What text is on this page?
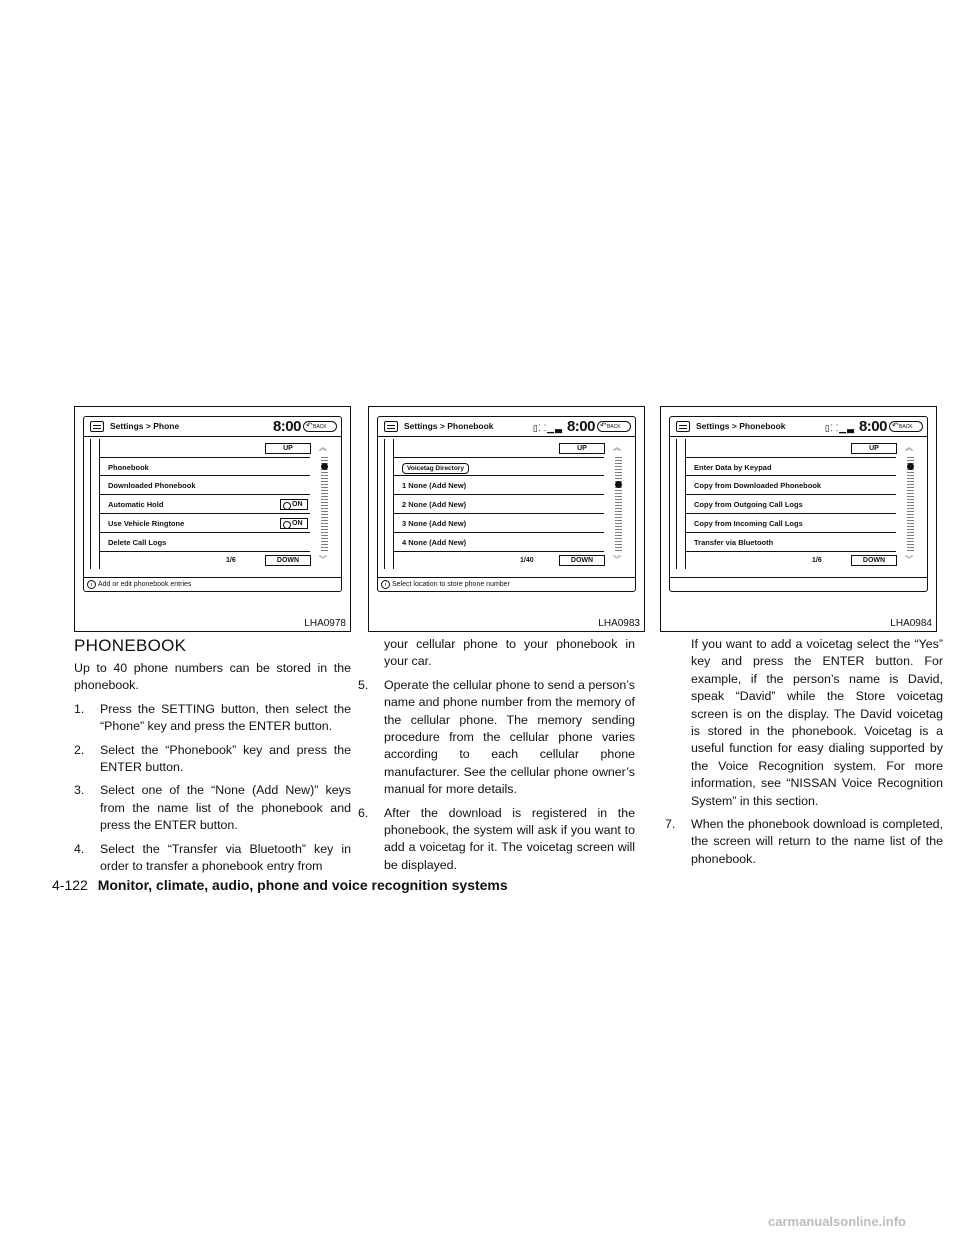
Settings > Phone	8:00	↶ BACK
UP	︽
Phonebook
Downloaded Phonebook
Automatic Hold	ON
Use Vehicle Ringtone	ON
Delete Call Logs
1/6	DOWN	︾
i Add or edit phonebook entries
LHA0978
Settings > Phonebook	▯⸬▁▃ 8:00	↶ BACK
UP	︽
Voicetag Directory
1 None (Add New)
2 None (Add New)
3 None (Add New)
4 None (Add New)
1/40	DOWN	︾
i Select location to store phone number
LHA0983
Settings > Phonebook	▯⸬▁▃ 8:00	↶ BACK
UP	︽
Enter Data by Keypad
Copy from Downloaded Phonebook
Copy from Outgoing Call Logs
Copy from Incoming Call Logs
Transfer via Bluetooth
1/6	DOWN	︾
LHA0984
PHONEBOOK

Up to 40 phone numbers can be stored in the phonebook.

1. Press the SETTING button, then select the “Phone” key and press the ENTER button.
2. Select the “Phonebook” key and press the ENTER button.
3. Select one of the “None (Add New)” keys from the name list of the phonebook and press the ENTER button.
4. Select the “Transfer via Bluetooth” key in order to transfer a phonebook entry from

your cellular phone to your phonebook in your car.

5. Operate the cellular phone to send a person’s name and phone number from the memory of the cellular phone. The memory sending procedure from the cellular phone varies according to each cellular phone manufacturer. See the cellular phone owner’s manual for more details.
6. After the download is registered in the phonebook, the system will ask if you want to add a voicetag for it. The voicetag screen will be displayed.

If you want to add a voicetag select the “Yes” key and press the ENTER button. For example, if the person’s name is David, speak “David” while the Store voicetag screen is on the display. The David voicetag is stored in the phonebook. Voicetag is a useful function for easy dialing supported by the Voice Recognition system. For more information, see “NISSAN Voice Recognition System” in this section.

7. When the phonebook download is completed, the screen will return to the name list of the phonebook.
4-122 Monitor, climate, audio, phone and voice recognition systems
carmanualsonline.info
